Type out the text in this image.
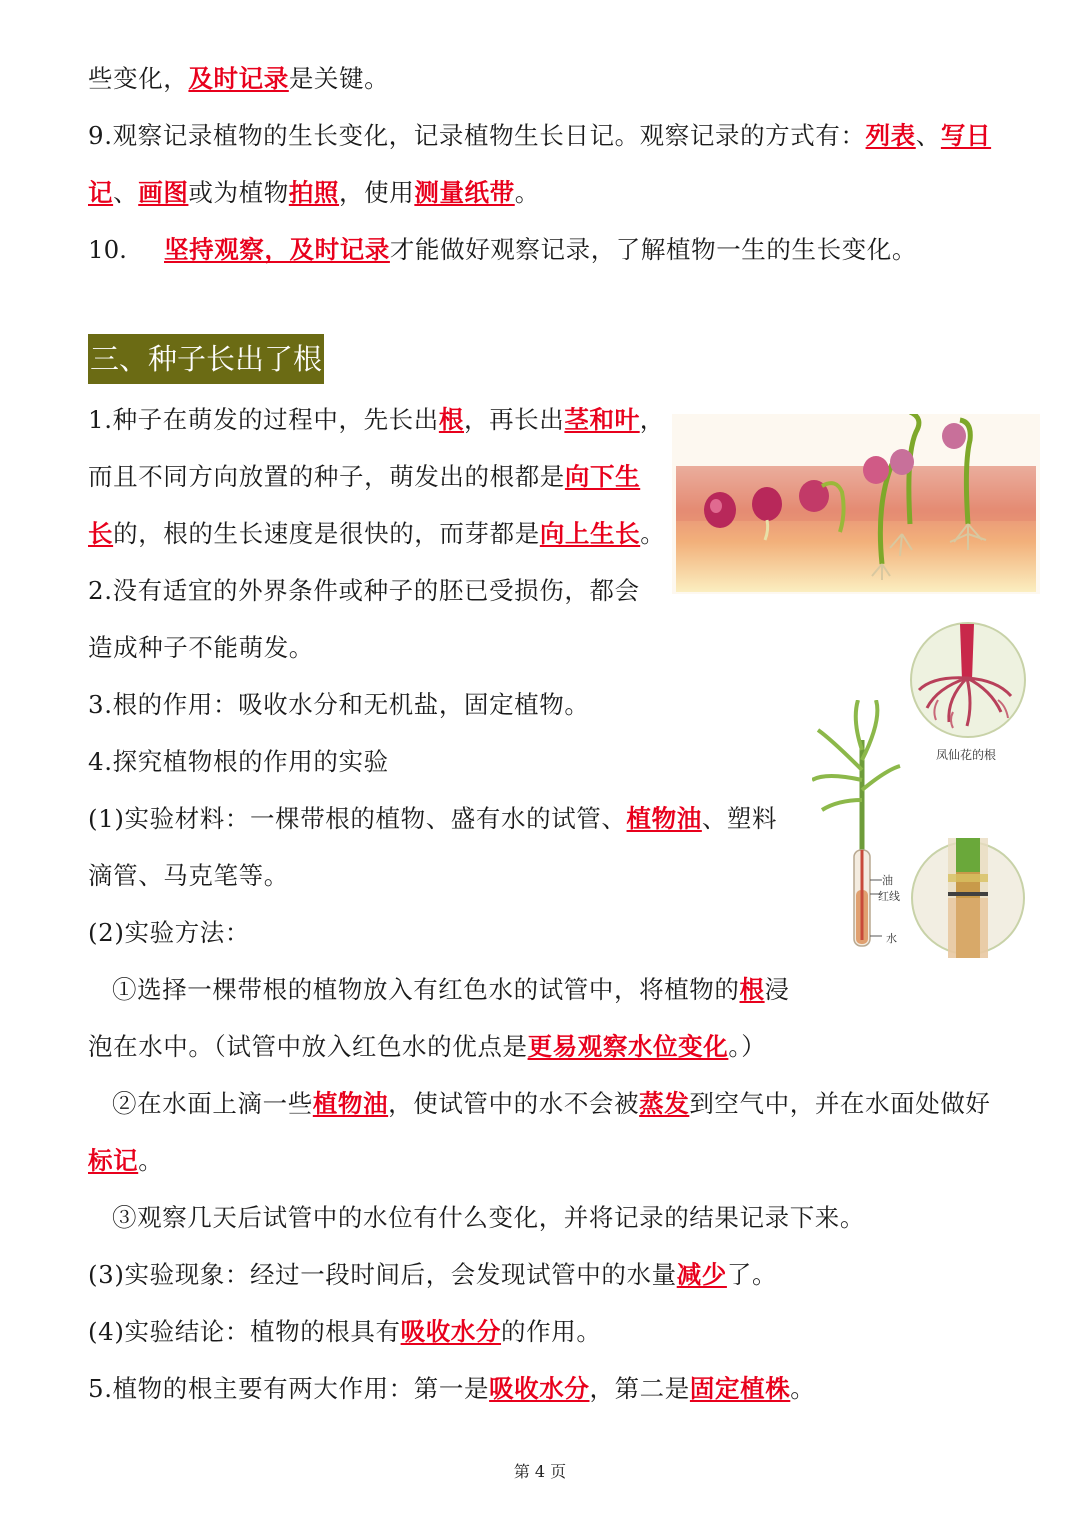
些变化，及时记录是关键。
9.观察记录植物的生长变化，记录植物生长日记。观察记录的方式有：列表、写日
记、画图或为植物拍照，使用测量纸带。
10. 坚持观察，及时记录才能做好观察记录，了解植物一生的生长变化。
三、种子长出了根
1.种子在萌发的过程中，先长出根，再长出茎和叶，
而且不同方向放置的种子，萌发出的根都是向下生
长的，根的生长速度是很快的，而芽都是向上生长。
2.没有适宜的外界条件或种子的胚已受损伤，都会
造成种子不能萌发。
3.根的作用：吸收水分和无机盐，固定植物。
4.探究植物根的作用的实验
(1)实验材料：一棵带根的植物、盛有水的试管、植物油、塑料
滴管、马克笔等。
(2)实验方法：
①选择一棵带根的植物放入有红色水的试管中，将植物的根浸
泡在水中。（试管中放入红色水的优点是更易观察水位变化。）
②在水面上滴一些植物油，使试管中的水不会被蒸发到空气中，并在水面处做好
标记。
③观察几天后试管中的水位有什么变化，并将记录的结果记录下来。
(3)实验现象：经过一段时间后，会发现试管中的水量减少了。
(4)实验结论：植物的根具有吸收水分的作用。
5.植物的根主要有两大作用：第一是吸收水分，第二是固定植株。
凤仙花的根
油
红线
水
第 4 页
